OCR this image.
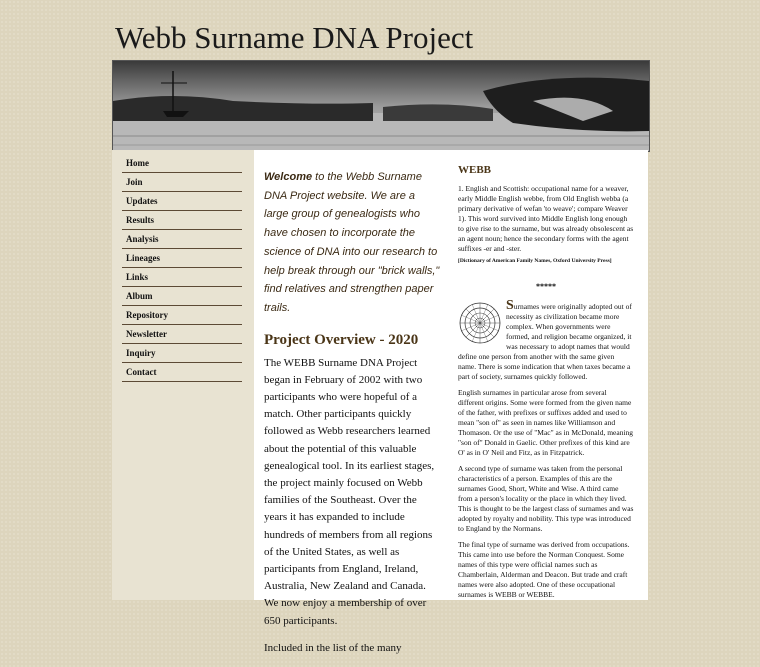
Webb Surname DNA Project
Home
Join
Updates
Results
Analysis
Lineages
Links
Album
Repository
Newsletter
Inquiry
Contact

Welcome to the Webb Surname DNA Project website. We are a large group of genealogists who have chosen to incorporate the science of DNA into our research to help break through our "brick walls," find relatives and strengthen paper trails.

Project Overview - 2020

The WEBB Surname DNA Project began in February of 2002 with two participants who were hopeful of a match. Other participants quickly followed as Webb researchers learned about the potential of this valuable genealogical tool. In its earliest stages, the project mainly focused on Webb families of the Southeast. Over the years it has expanded to include hundreds of members from all regions of the United States, as well as participants from England, Ireland, Australia, New Zealand and Canada. We now enjoy a membership of over 650 participants.

Included in the list of the many

WEBB

1. English and Scottish: occupational name for a weaver, early Middle English webbe, from Old English webba (a primary derivative of wefan 'to weave'; compare Weaver 1). This word survived into Middle English long enough to give rise to the surname, but was already obsolescent as an agent noun; hence the secondary forms with the agent suffixes -er and -ster.

[Dictionary of American Family Names, Oxford University Press]

*****

Surnames were originally adopted out of necessity as civilization became more complex. When governments were formed, and religion became organized, it was necessary to adopt names that would define one person from another with the same given name. There is some indication that when taxes became a part of society, surnames quickly followed.

English surnames in particular arose from several different origins. Some were formed from the given name of the father, with prefixes or suffixes added and used to mean "son of" as seen in names like Williamson and Thomason. Or the use of "Mac" as in McDonald, meaning "son of" Donald in Gaelic. Other prefixes of this kind are O' as in O' Neil and Fitz, as in Fitzpatrick.

A second type of surname was taken from the personal characteristics of a person. Examples of this are the surnames Good, Short, White and Wise. A third came from a person's locality or the place in which they lived. This is thought to be the largest class of surnames and was adopted by royalty and nobility. This type was introduced to England by the Normans.

The final type of surname was derived from occupations. This came into use before the Norman Conquest. Some names of this type were official names such as Chamberlain, Alderman and Deacon. But trade and craft names were also adopted. One of these occupational surnames is WEBB or WEBBE.
